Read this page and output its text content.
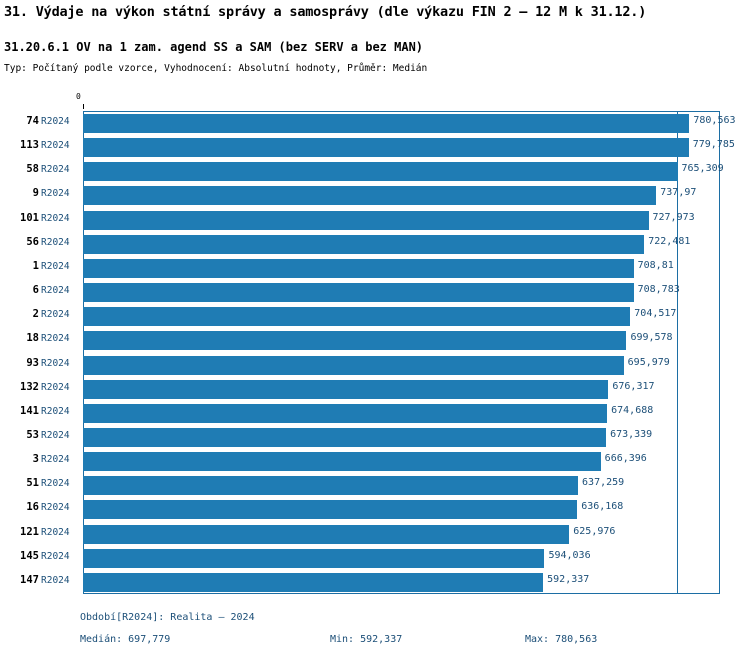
31. Výdaje na výkon státní správy a samosprávy (dle výkazu FIN 2 – 12 M k 31.12.)
31.20.6.1 OV na 1 zam. agend SS a SAM (bez SERV a bez MAN)
Typ: Počítaný podle vzorce, Vyhodnocení: Absolutní hodnoty, Průměr: Medián
0
74 R2024
113 R2024
58 R2024
9 R2024
101 R2024
56 R2024
1 R2024
6 R2024
2 R2024
18 R2024
93 R2024
132 R2024
141 R2024
53 R2024
3 R2024
51 R2024
16 R2024
121 R2024
145 R2024
147 R2024
780,563
779,785
765,309
737,97
727,973
722,481
708,81
708,783
704,517
699,578
695,979
676,317
674,688
673,339
666,396
637,259
636,168
625,976
594,036
592,337
Období[R2024]: Realita – 2024
Medián: 697,779	Min: 592,337	Max: 780,563
